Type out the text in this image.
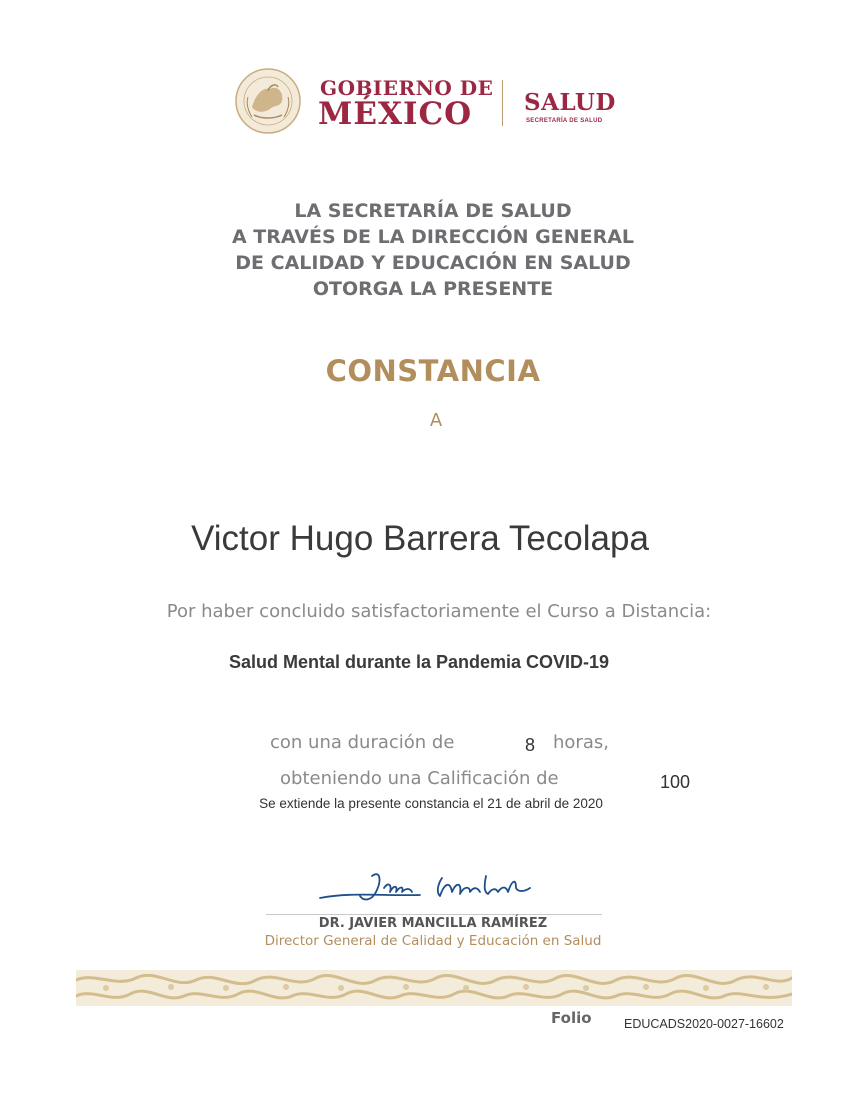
GOBIERNO DE
MÉXICO SALUD
SECRETARÍA DE SALUD
LA SECRETARÍA DE SALUD
A TRAVÉS DE LA DIRECCIÓN GENERAL
DE CALIDAD Y EDUCACIÓN EN SALUD
OTORGA LA PRESENTE
CONSTANCIA
A
Victor Hugo Barrera Tecolapa
Por haber concluido satisfactoriamente el Curso a Distancia:
Salud Mental durante la Pandemia COVID-19
con una duración de	8 horas,
obteniendo una Calificación de	100
Se extiende la presente constancia el 21 de abril de 2020
DR. JAVIER MANCILLA RAMÍREZ
Director General de Calidad y Educación en Salud
Folio	EDUCADS2020-0027-16602
